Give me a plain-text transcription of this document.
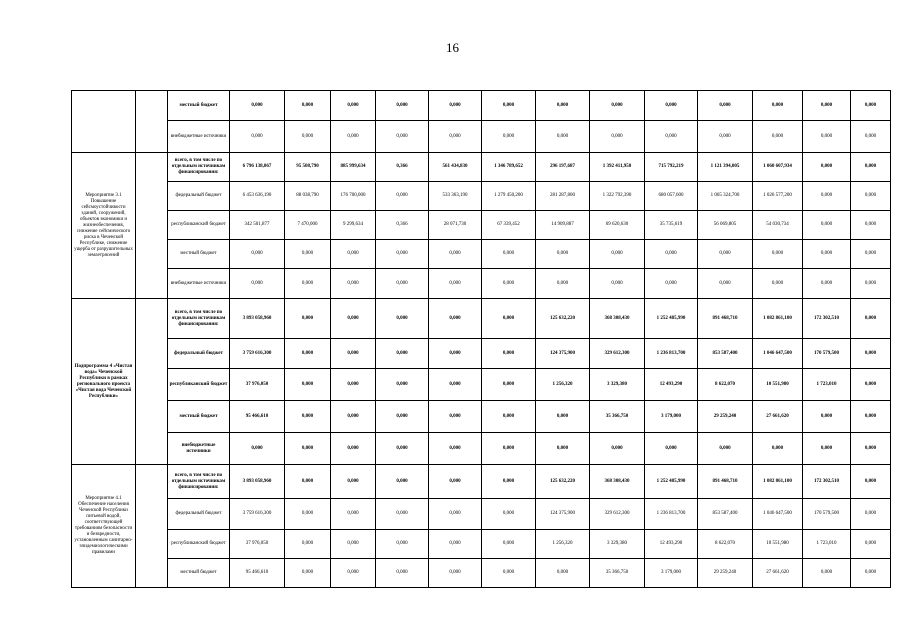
16
		местный бюджет	0,000	0,000	0,000	0,000	0,000	0,000	0,000	0,000	0,000	0,000	0,000	0,000	0,000
		внебюджетные источники	0,000	0,000	0,000	0,000	0,000	0,000	0,000	0,000	0,000	0,000	0,000	0,000	0,000
Мероприятие 3.1 Повышение сейсмоустойчивости зданий, сооружений, объектов экономики и жизнеобеспечения, снижение сейсмического риска в Чеченской Республике, снижение ущерба от разрушительных землетрясений		всего, в том числе по отдельным источникам финансирования:	6 796 138,067	95 508,790	885 999,634	0,366	561 434,830	1 346 789,652	296 197,687	1 392 411,950	715 792,219	1 121 394,005	1 060 607,934	0,000	0,000
		федеральный бюджет	6 453 636,190	88 038,790	176 700,000	0,000	533 363,190	1 279 450,200	281 287,800	1 322 792,390	680 057,600	1 065 324,700	1 026 577,200	0,000	0,000
		республиканский бюджет	342 501,877	7 470,000	9 299,634	0,366	28 071,730	67 339,452	14 909,887	69 620,630	35 735,619	56 069,805	54 030,734	0,000	0,000
		местный бюджет	0,000	0,000	0,000	0,000	0,000	0,000	0,000	0,000	0,000	0,000	0,000	0,000	0,000
		внебюджетные источники	0,000	0,000	0,000	0,000	0,000	0,000	0,000	0,000	0,000	0,000	0,000	0,000	0,000
Подпрограмма 4 «Чистая вода» Чеченской Республики в рамках регионального проекта «Чистая вода Чеченской Республики»		всего, в том числе по отдельным источникам финансирования:	3 893 058,960	0,000	0,000	0,000	0,000	0,000	125 632,220	368 308,430	1 252 485,990	891 468,710	1 082 861,100	172 302,510	0,000
		федеральный бюджет	3 759 616,300	0,000	0,000	0,000	0,000	0,000	124 375,900	329 612,300	1 236 813,700	853 587,400	1 046 647,500	170 579,500	0,000
		республиканский бюджет	37 976,050	0,000	0,000	0,000	0,000	0,000	1 256,320	3 329,380	12 493,290	8 622,070	10 551,980	1 723,010	0,000
		местный бюджет	95 466,610	0,000	0,000	0,000	0,000	0,000	0,000	35 366,750	3 179,000	29 259,240	27 661,620	0,000	0,000
		внебюджетные источники	0,000	0,000	0,000	0,000	0,000	0,000	0,000	0,000	0,000	0,000	0,000	0,000	0,000
Мероприятие 4.1 Обеспечение населения Чеченской Республики питьевой водой, соответствующей требованиям безопасности и безвредности, установленным санитарно-эпидемиологическими правилами		всего, в том числе по отдельным источникам финансирования:	3 893 058,960	0,000	0,000	0,000	0,000	0,000	125 632,220	368 308,430	1 252 485,990	891 468,710	1 082 861,100	172 302,510	0,000
		федеральный бюджет	3 759 616,300	0,000	0,000	0,000	0,000	0,000	124 375,900	329 612,300	1 236 813,700	853 587,400	1 046 647,500	170 579,500	0,000
		республиканский бюджет	37 976,050	0,000	0,000	0,000	0,000	0,000	1 256,320	3 329,380	12 493,290	8 622,070	10 551,980	1 723,010	0,000
		местный бюджет	95 466,610	0,000	0,000	0,000	0,000	0,000	0,000	35 366,750	3 179,000	29 259,240	27 661,620	0,000	0,000
